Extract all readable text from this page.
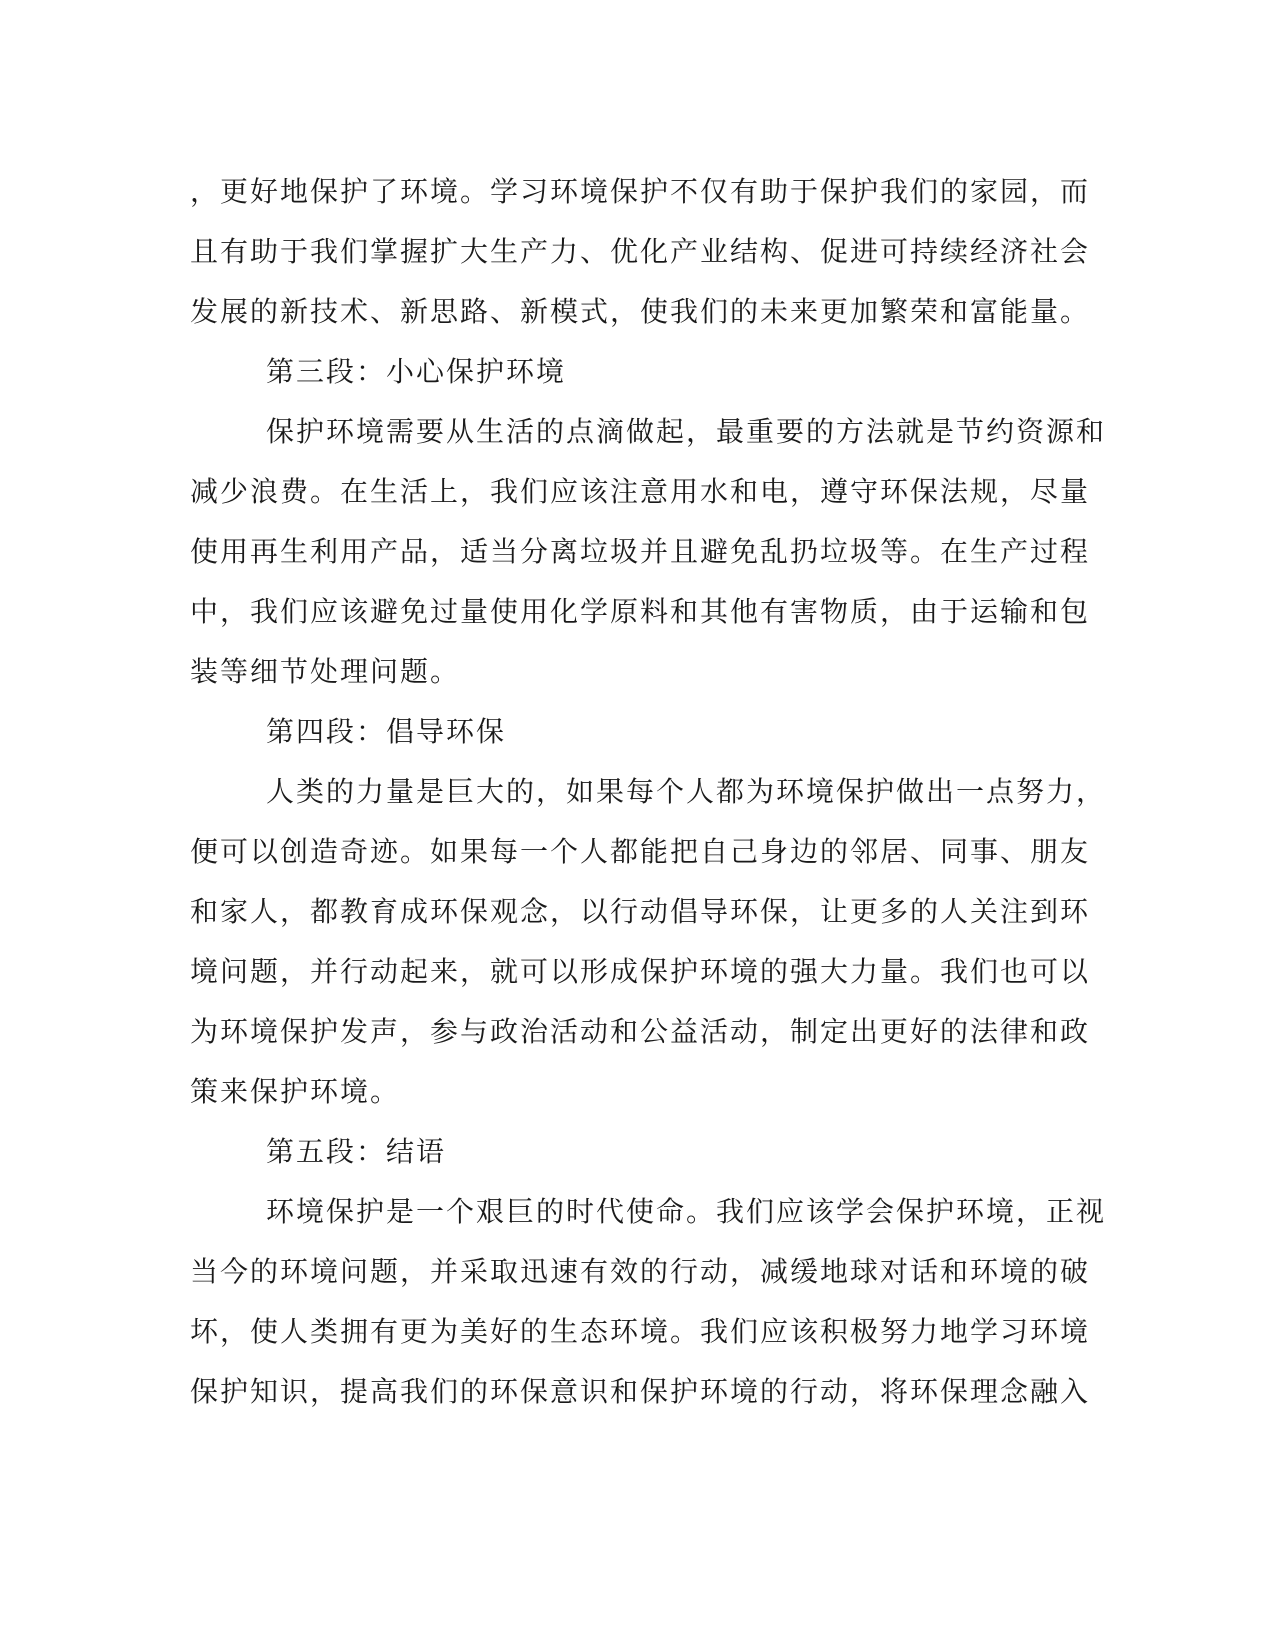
，更好地保护了环境。学习环境保护不仅有助于保护我们的家园，而
且有助于我们掌握扩大生产力、优化产业结构、促进可持续经济社会
发展的新技术、新思路、新模式，使我们的未来更加繁荣和富能量。
第三段：小心保护环境
保护环境需要从生活的点滴做起，最重要的方法就是节约资源和
减少浪费。在生活上，我们应该注意用水和电，遵守环保法规，尽量
使用再生利用产品，适当分离垃圾并且避免乱扔垃圾等。在生产过程
中，我们应该避免过量使用化学原料和其他有害物质，由于运输和包
装等细节处理问题。
第四段：倡导环保
人类的力量是巨大的，如果每个人都为环境保护做出一点努力，
便可以创造奇迹。如果每一个人都能把自己身边的邻居、同事、朋友
和家人，都教育成环保观念，以行动倡导环保，让更多的人关注到环
境问题，并行动起来，就可以形成保护环境的强大力量。我们也可以
为环境保护发声，参与政治活动和公益活动，制定出更好的法律和政
策来保护环境。
第五段：结语
环境保护是一个艰巨的时代使命。我们应该学会保护环境，正视
当今的环境问题，并采取迅速有效的行动，减缓地球对话和环境的破
坏，使人类拥有更为美好的生态环境。我们应该积极努力地学习环境
保护知识，提高我们的环保意识和保护环境的行动，将环保理念融入
